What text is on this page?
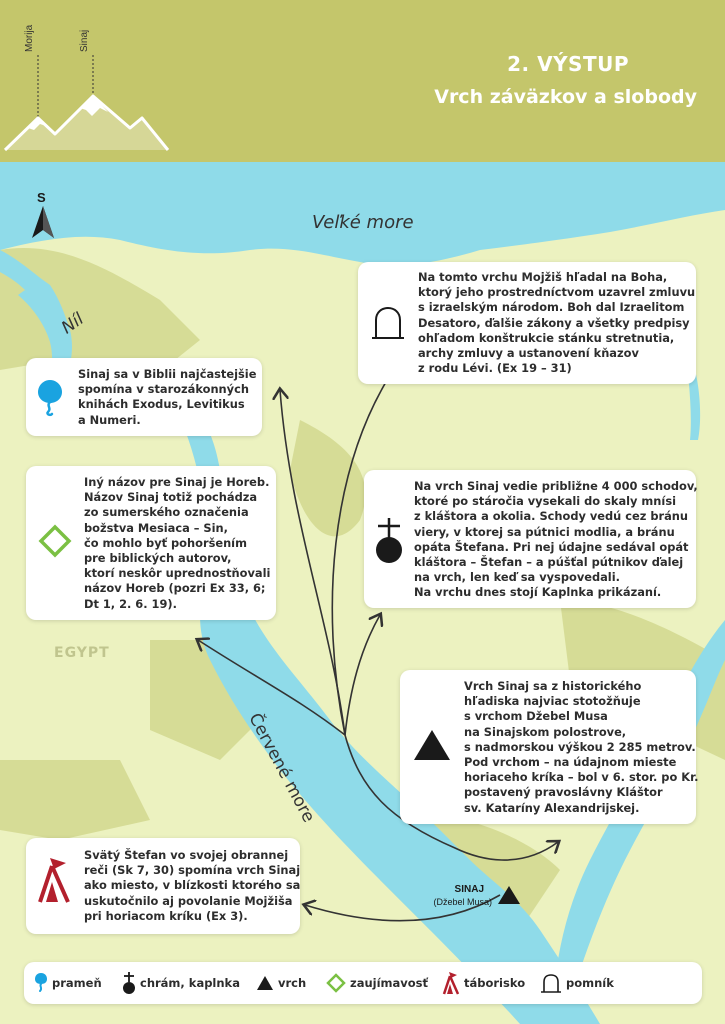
Morija	Sinaj
2. VÝSTUP
Vrch záväzkov a slobody
S
Veľké more
Níl
EGYPT
Červené more
SINAJ
(Džebel Musa)
Sinaj sa v Biblii najčastejšie
spomína v starozákonných
knihách Exodus, Levitikus
a Numeri.
Iný názov pre Sinaj je Horeb.
Názov Sinaj totiž pochádza
zo sumerského označenia
božstva Mesiaca – Sin,
čo mohlo byť pohoršením
pre biblických autorov,
ktorí neskôr uprednostňovali
názov Horeb (pozri Ex 33, 6;
Dt 1, 2. 6. 19).
Na tomto vrchu Mojžiš hľadal na Boha,
ktorý jeho prostredníctvom uzavrel zmluvu
s izraelským národom. Boh dal Izraelitom
Desatoro, ďalšie zákony a všetky predpisy
ohľadom konštrukcie stánku stretnutia,
archy zmluvy a ustanovení kňazov
z rodu Lévi. (Ex 19 – 31)
Na vrch Sinaj vedie približne 4 000 schodov,
ktoré po stáročia vysekali do skaly mnísi
z kláštora a okolia. Schody vedú cez bránu
viery, v ktorej sa pútnici modlia, a bránu
opáta Štefana. Pri nej údajne sedával opát
kláštora – Štefan – a púšťal pútnikov ďalej
na vrch, len keď sa vyspovedali.
Na vrchu dnes stojí Kaplnka prikázaní.
Vrch Sinaj sa z historického
hľadiska najviac stotožňuje
s vrchom Džebel Musa
na Sinajskom polostrove,
s nadmorskou výškou 2 285 metrov.
Pod vrchom – na údajnom mieste
horiaceho kríka – bol v 6. stor. po Kr.
postavený pravoslávny Kláštor
sv. Kataríny Alexandrijskej.
Svätý Štefan vo svojej obrannej
reči (Sk 7, 30) spomína vrch Sinaj
ako miesto, v blízkosti ktorého sa
uskutočnilo aj povolanie Mojžiša
pri horiacom kríku (Ex 3).
prameň	chrám, kaplnka	vrch	zaujímavosť	táborisko	pomník
